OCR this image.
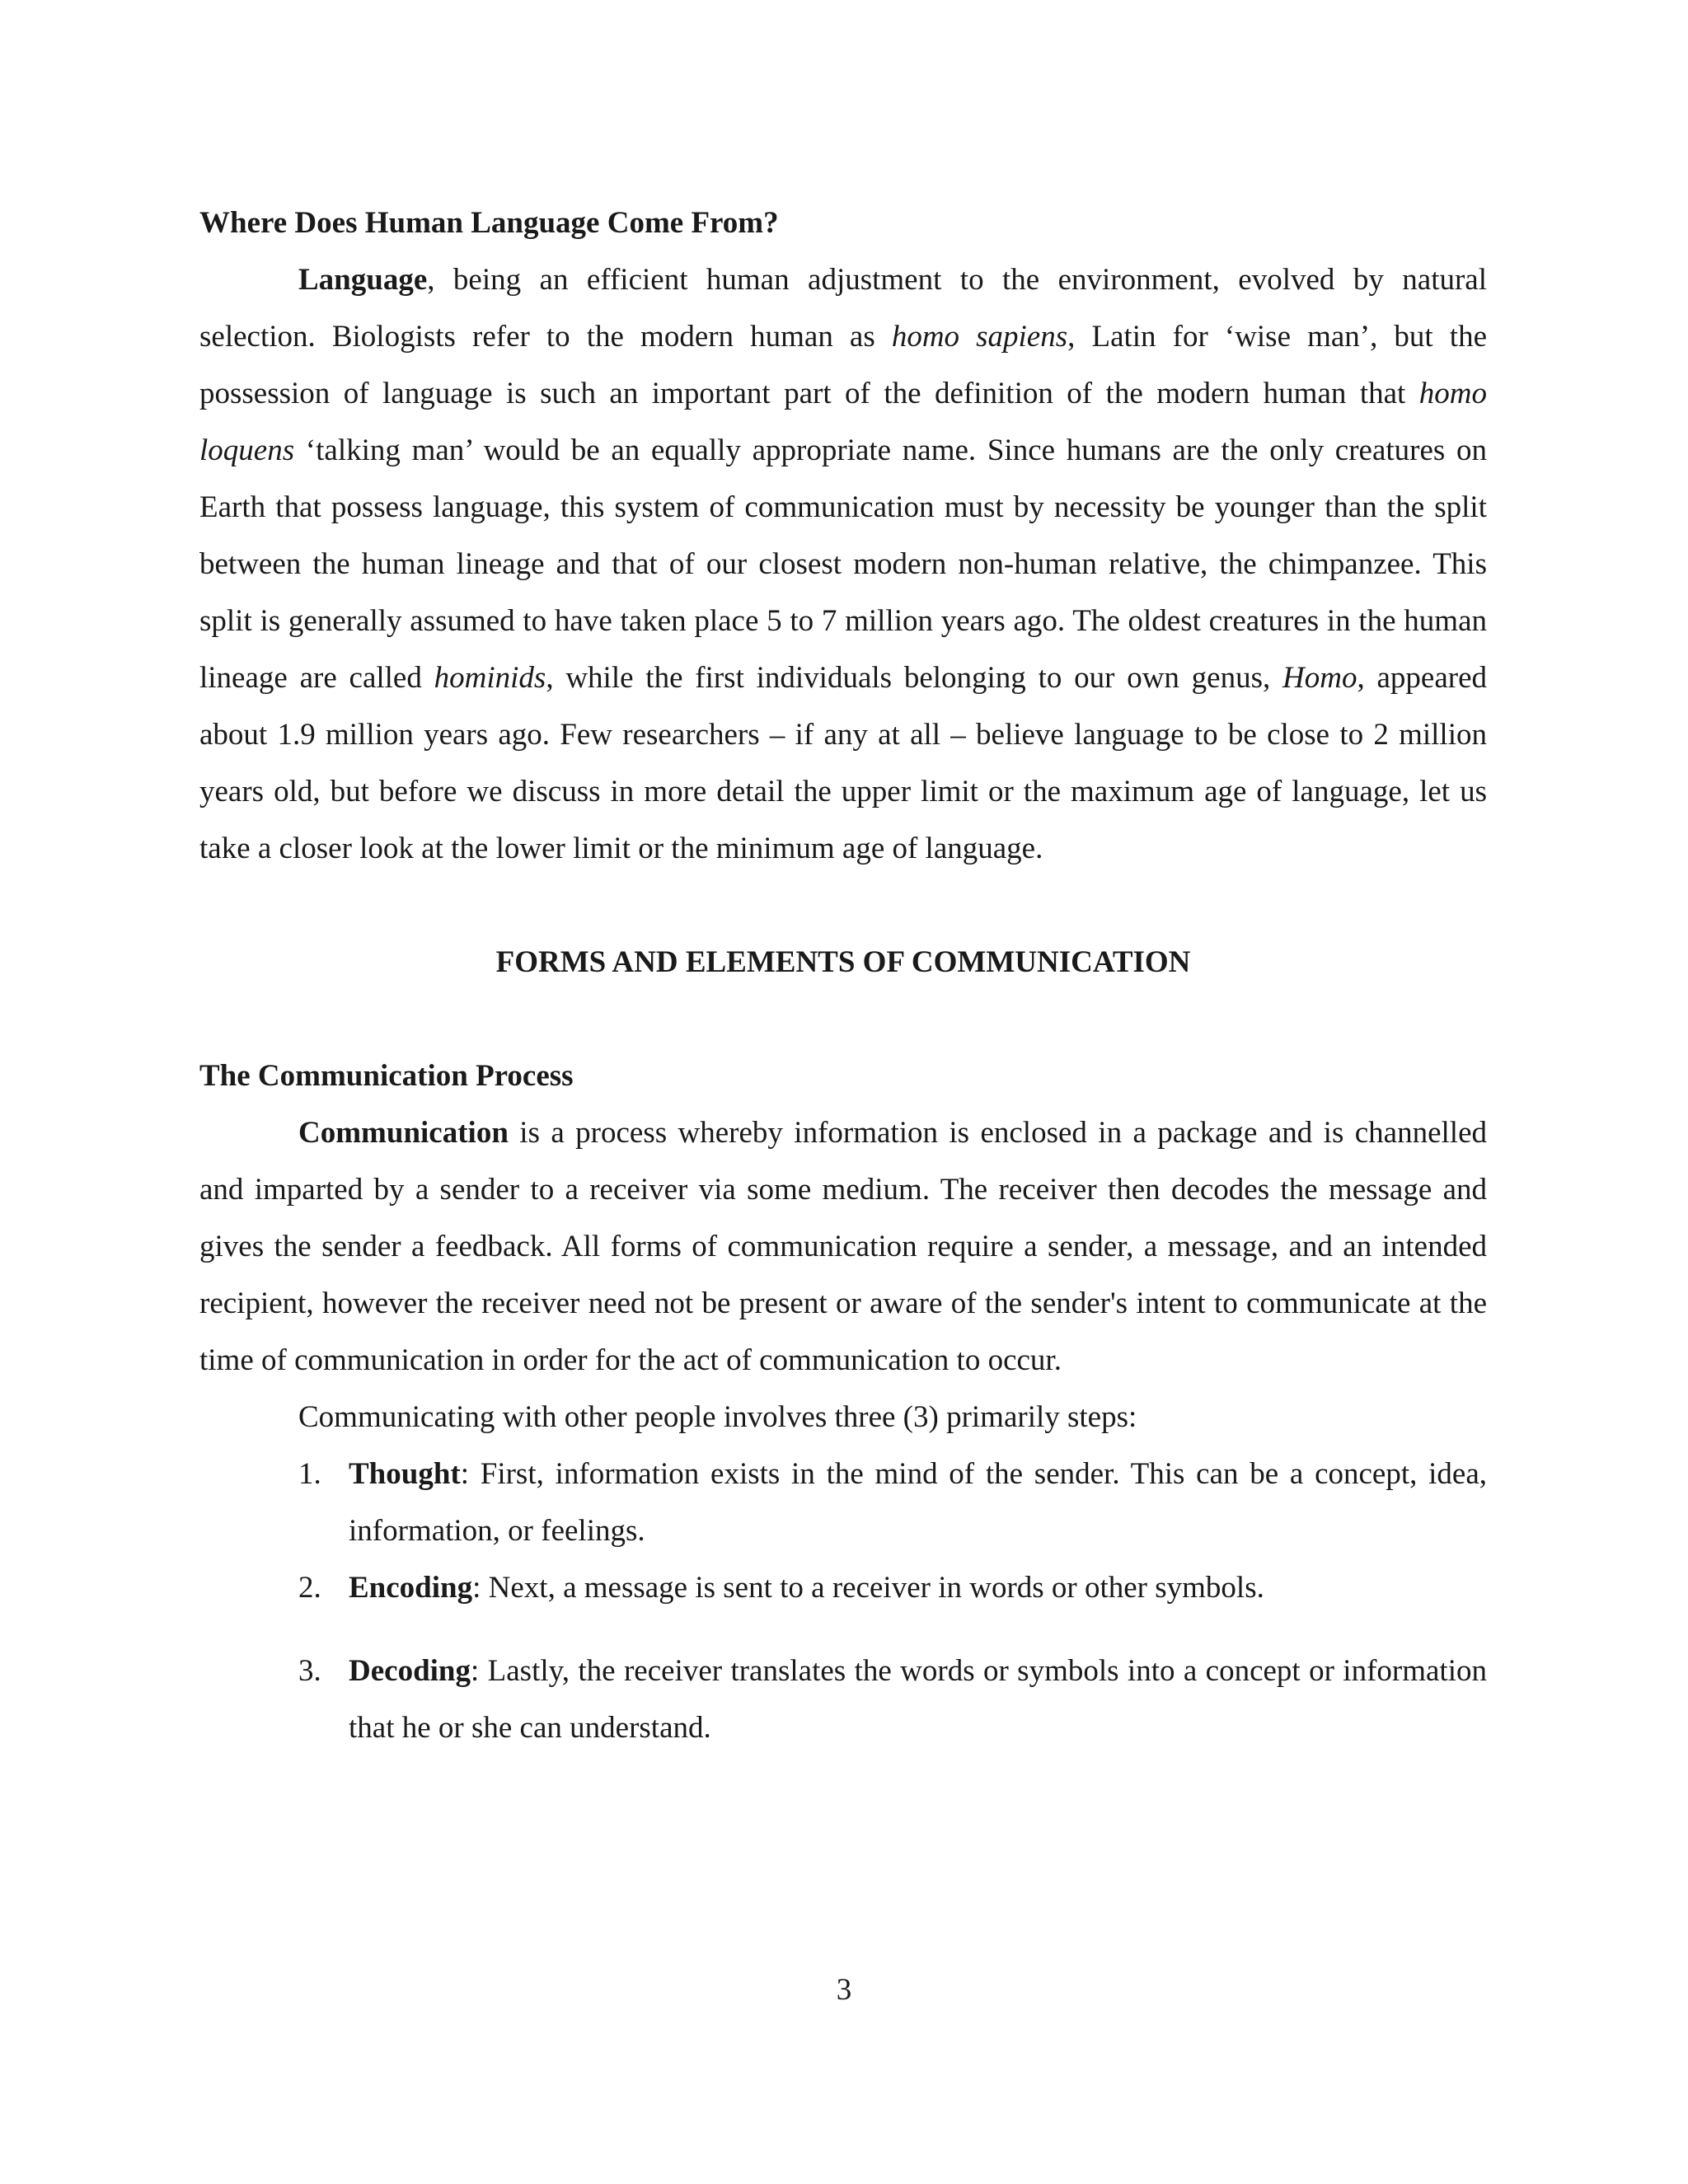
Where Does Human Language Come From?

Language, being an efficient human adjustment to the environment, evolved by natural selection. Biologists refer to the modern human as homo sapiens, Latin for ‘wise man’, but the possession of language is such an important part of the definition of the modern human that homo loquens ‘talking man’ would be an equally appropriate name. Since humans are the only creatures on Earth that possess language, this system of communication must by necessity be younger than the split between the human lineage and that of our closest modern non-human relative, the chimpanzee. This split is generally assumed to have taken place 5 to 7 million years ago. The oldest creatures in the human lineage are called hominids, while the first individuals belonging to our own genus, Homo, appeared about 1.9 million years ago. Few researchers – if any at all – believe language to be close to 2 million years old, but before we discuss in more detail the upper limit or the maximum age of language, let us take a closer look at the lower limit or the minimum age of language.

FORMS AND ELEMENTS OF COMMUNICATION
The Communication Process

Communication is a process whereby information is enclosed in a package and is channelled and imparted by a sender to a receiver via some medium. The receiver then decodes the message and gives the sender a feedback. All forms of communication require a sender, a message, and an intended recipient, however the receiver need not be present or aware of the sender's intent to communicate at the time of communication in order for the act of communication to occur.

Communicating with other people involves three (3) primarily steps:

1. Thought: First, information exists in the mind of the sender. This can be a concept, idea, information, or feelings.
2. Encoding: Next, a message is sent to a receiver in words or other symbols.
3. Decoding: Lastly, the receiver translates the words or symbols into a concept or information that he or she can understand.
3
